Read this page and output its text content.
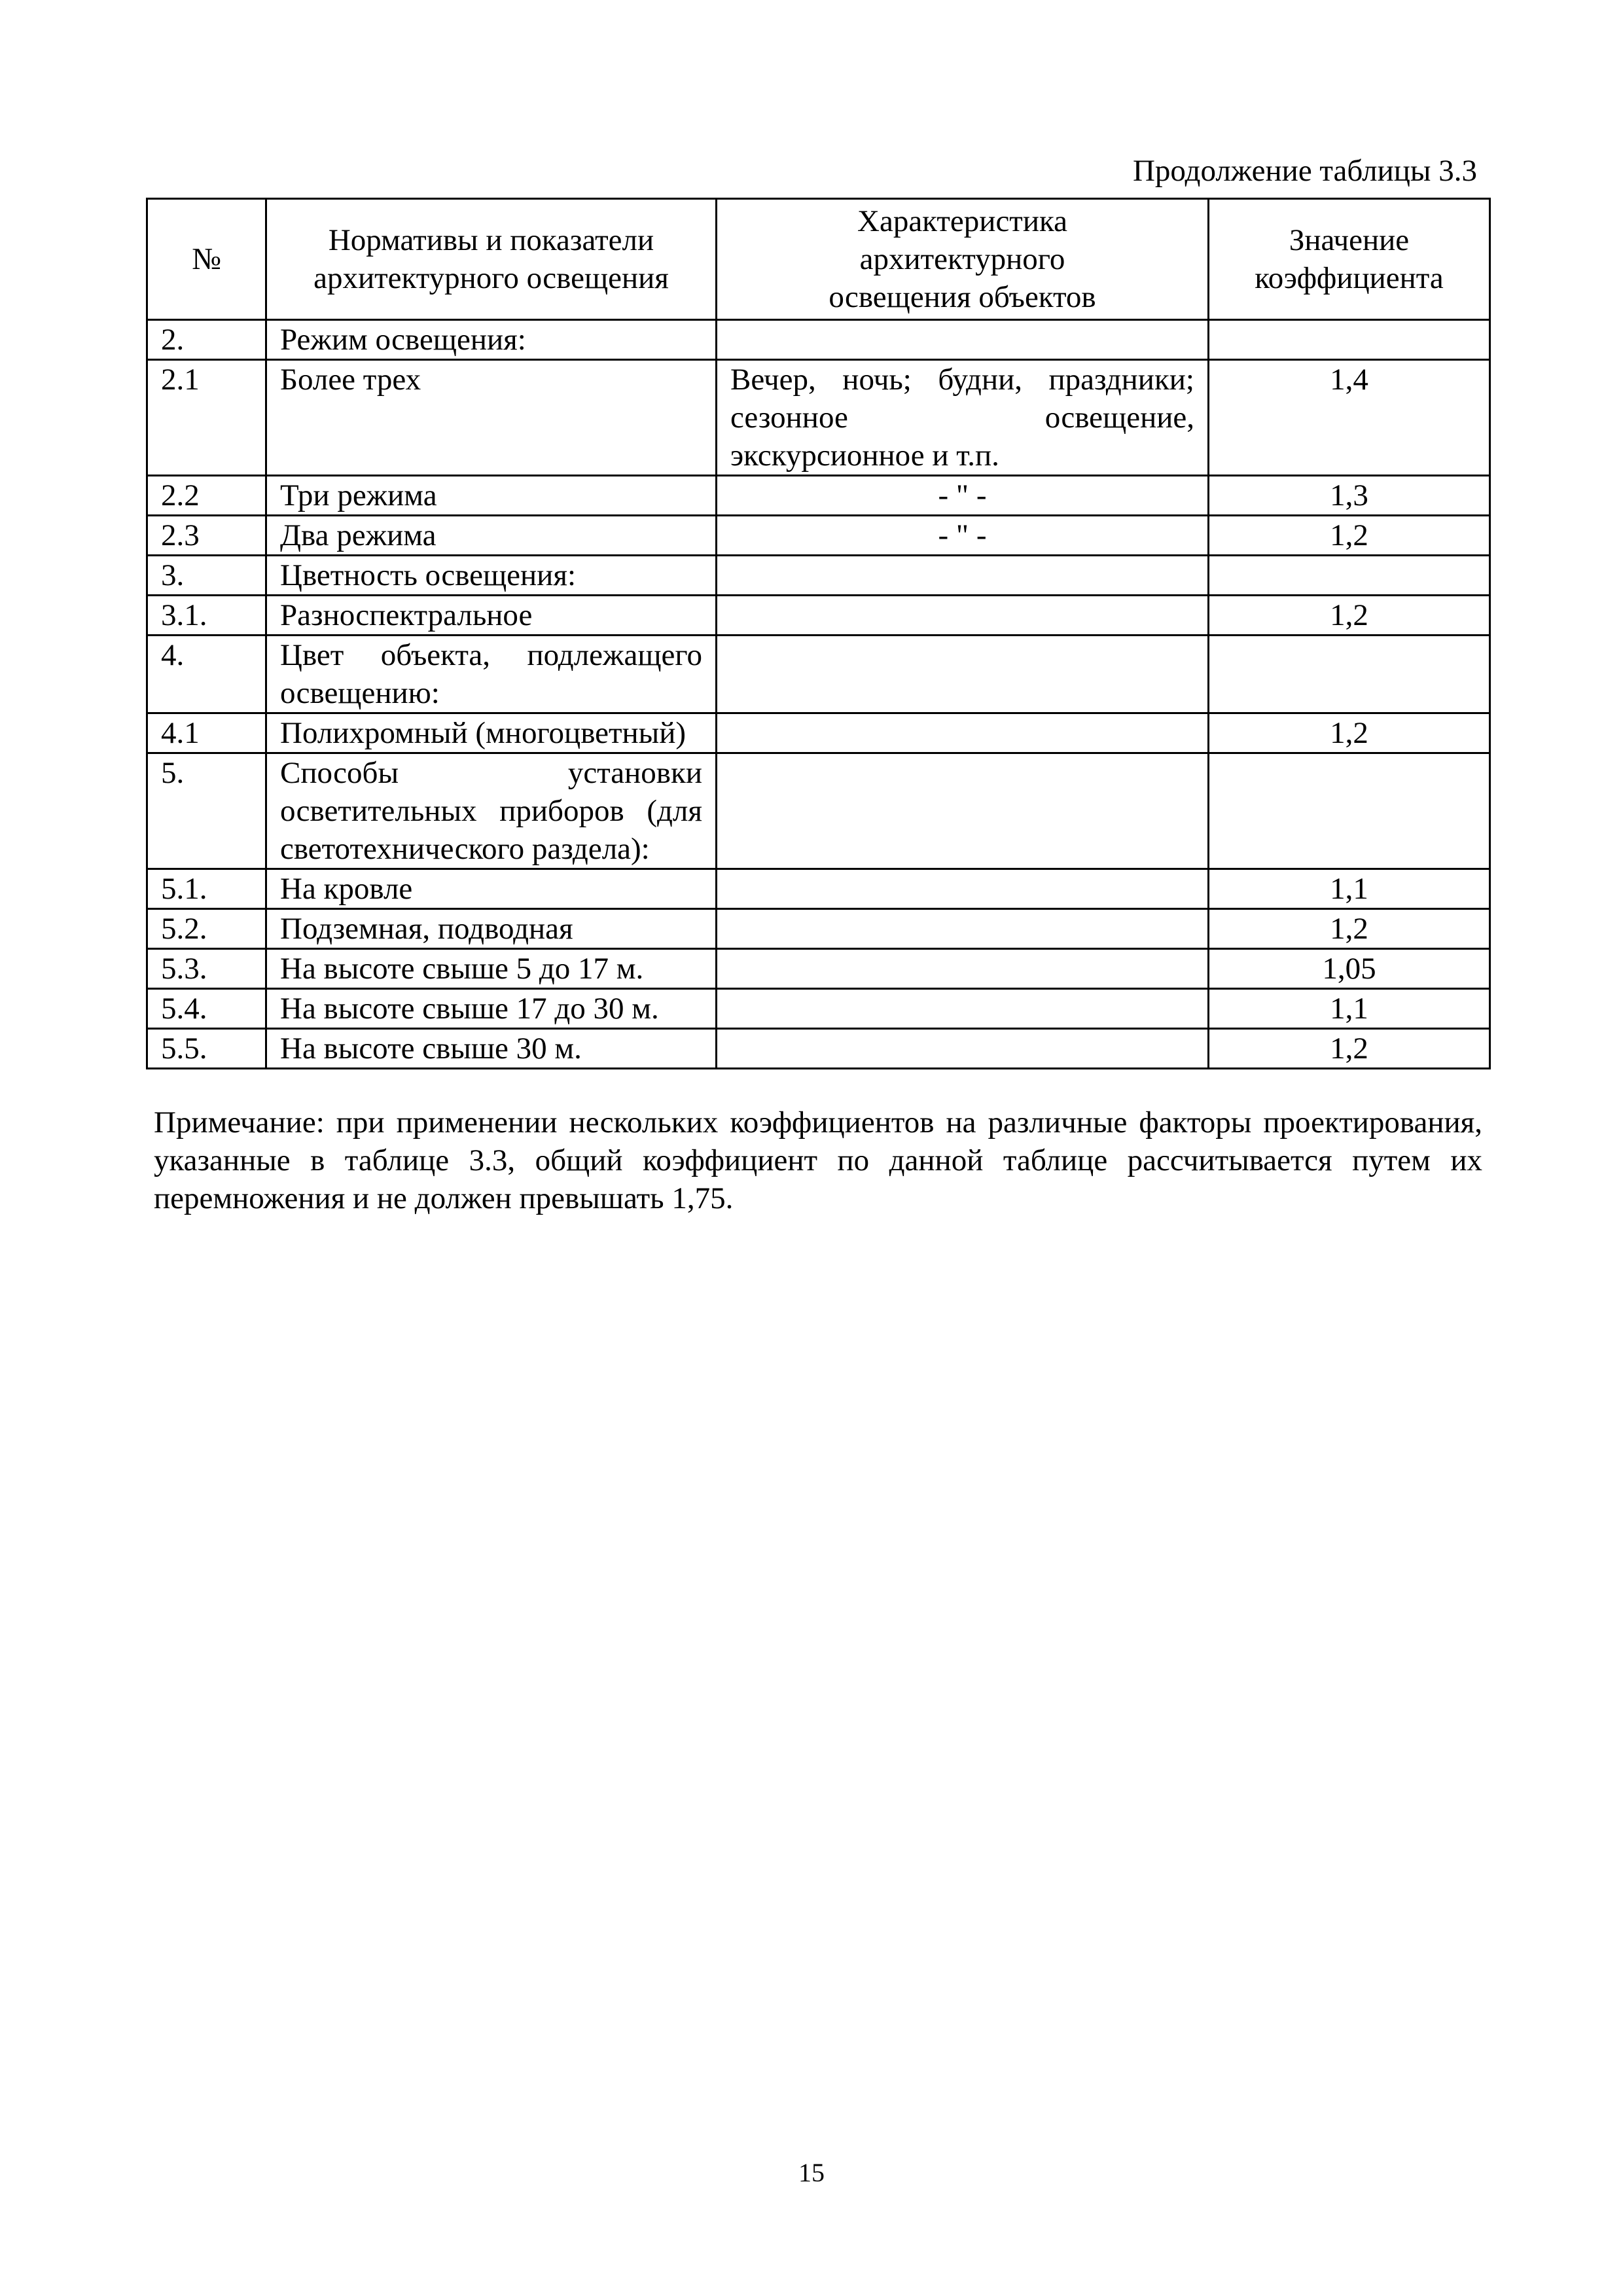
Продолжение таблицы 3.3
№	Нормативы и показатели архитектурного освещения	Характеристика архитектурного освещения объектов	Значение коэффициента
2.	Режим освещения:		
2.1	Более трех	Вечер, ночь; будни, праздники; сезонное освещение, экскурсионное и т.п.	1,4
2.2	Три режима	- " -	1,3
2.3	Два режима	- " -	1,2
3.	Цветность освещения:		
3.1.	Разноспектральное		1,2
4.	Цвет объекта, подлежащего освещению:		
4.1	Полихромный (многоцветный)		1,2
5.	Способы установки осветительных приборов (для светотехнического раздела):		
5.1.	На кровле		1,1
5.2.	Подземная, подводная		1,2
5.3.	На высоте свыше 5 до 17 м.		1,05
5.4.	На высоте свыше 17 до 30 м.		1,1
5.5.	На высоте свыше 30 м.		1,2
Примечание: при применении нескольких коэффициентов на различные факторы проектирования, указанные в таблице 3.3, общий коэффициент по данной таблице рассчитывается путем их перемножения и не должен превышать 1,75.
15
